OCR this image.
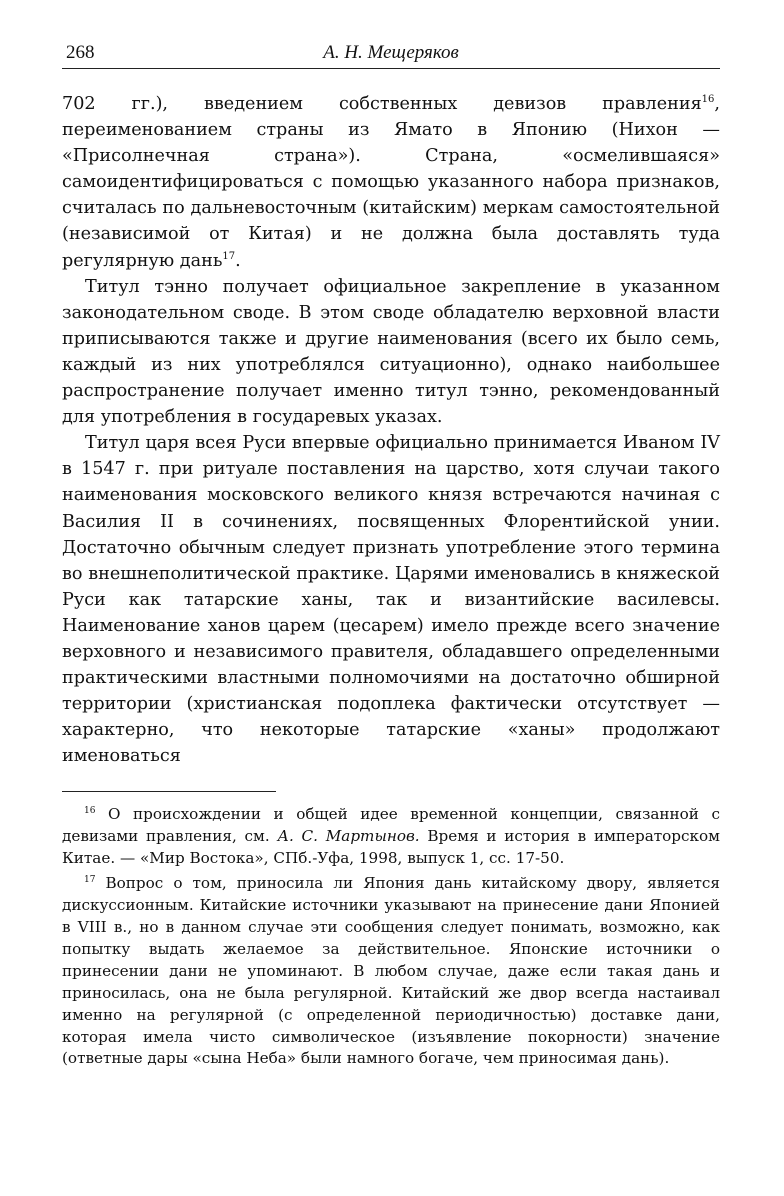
268	А. Н. Мещеряков

702 гг.), введением собственных девизов правления$^{16}$, переименованием страны из Ямато в Японию (Нихон — «Присолнечная страна»). Страна, «осмелившаяся» самоидентифицироваться с помощью указанного набора признаков, считалась по дальневосточным (китайским) меркам самостоятельной (независимой от Китая) и не должна была доставлять туда регулярную дань$^{17}$.

Титул тэнно получает официальное закрепление в указанном законодательном своде. В этом своде обладателю верховной власти приписываются также и другие наименования (всего их было семь, каждый из них употреблялся ситуационно), однако наибольшее распространение получает именно титул тэнно, рекомендованный для употребления в государевых указах.

Титул царя всея Руси впервые официально принимается Иваном IV в 1547 г. при ритуале поставления на царство, хотя случаи такого наименования московского великого князя встречаются начиная с Василия II в сочинениях, посвященных Флорентийской унии. Достаточно обычным следует признать употребление этого термина во внешнеполитической практике. Царями именовались в княжеской Руси как татарские ханы, так и византийские василевсы. Наименование ханов царем (цесарем) имело прежде всего значение верховного и независимого правителя, обладавшего определенными практическими властными полномочиями на достаточно обширной территории (христианская подоплека фактически отсутствует — характерно, что некоторые татарские «ханы» продолжают именоваться

$^{16}$ О происхождении и общей идее временной концепции, связанной с девизами правления, см. А. С. Мартынов. Время и история в императорском Китае. — «Мир Востока», СПб.-Уфа, 1998, выпуск 1, сс. 17-50.

$^{17}$ Вопрос о том, приносила ли Япония дань китайскому двору, является дискуссионным. Китайские источники указывают на принесение дани Японией в VIII в., но в данном случае эти сообщения следует понимать, возможно, как попытку выдать желаемое за действительное. Японские источники о принесении дани не упоминают. В любом случае, даже если такая дань и приносилась, она не была регулярной. Китайский же двор всегда настаивал именно на регулярной (с определенной периодичностью) доставке дани, которая имела чисто символическое (изъявление покорности) значение (ответные дары «сына Неба» были намного богаче, чем приносимая дань).
